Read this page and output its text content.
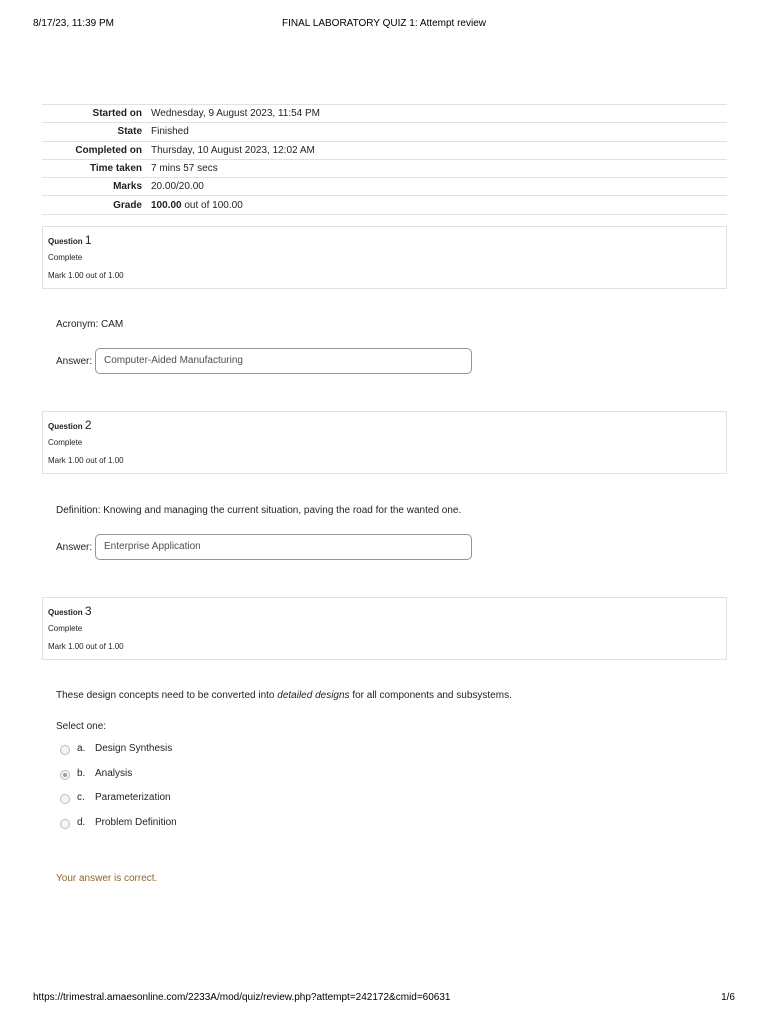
8/17/23, 11:39 PM	FINAL LABORATORY QUIZ 1: Attempt review
Started on	Wednesday, 9 August 2023, 11:54 PM
State	Finished
Completed on	Thursday, 10 August 2023, 12:02 AM
Time taken	7 mins 57 secs
Marks	20.00/20.00
Grade	100.00 out of 100.00
Question 1
Complete
Mark 1.00 out of 1.00
Acronym: CAM
Answer:	Computer-Aided Manufacturing
Question 2
Complete
Mark 1.00 out of 1.00
Definition: Knowing and managing the current situation, paving the road for the wanted one.
Answer:	Enterprise Application
Question 3
Complete
Mark 1.00 out of 1.00
These design concepts need to be converted into detailed designs for all components and subsystems.
Select one:
a. Design Synthesis
b. Analysis
c. Parameterization
d. Problem Definition
Your answer is correct.
https://trimestral.amaesonline.com/2233A/mod/quiz/review.php?attempt=242172&cmid=60631	1/6
